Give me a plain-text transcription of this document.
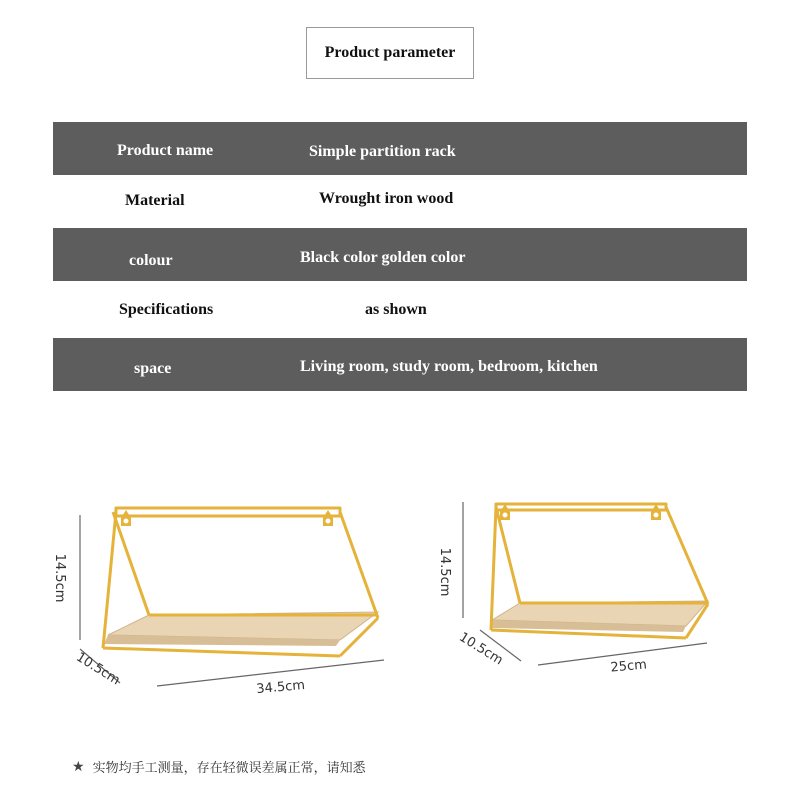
Product parameter
Product name	Simple partition rack
Material	Wrought iron wood
colour	Black color golden color
Specifications	as shown
space	Living room, study room, bedroom, kitchen
14.5cm
10.5cm	34.5cm
14.5cm
10.5cm	25cm
★ 实物均手工测量，存在轻微误差属正常，请知悉
